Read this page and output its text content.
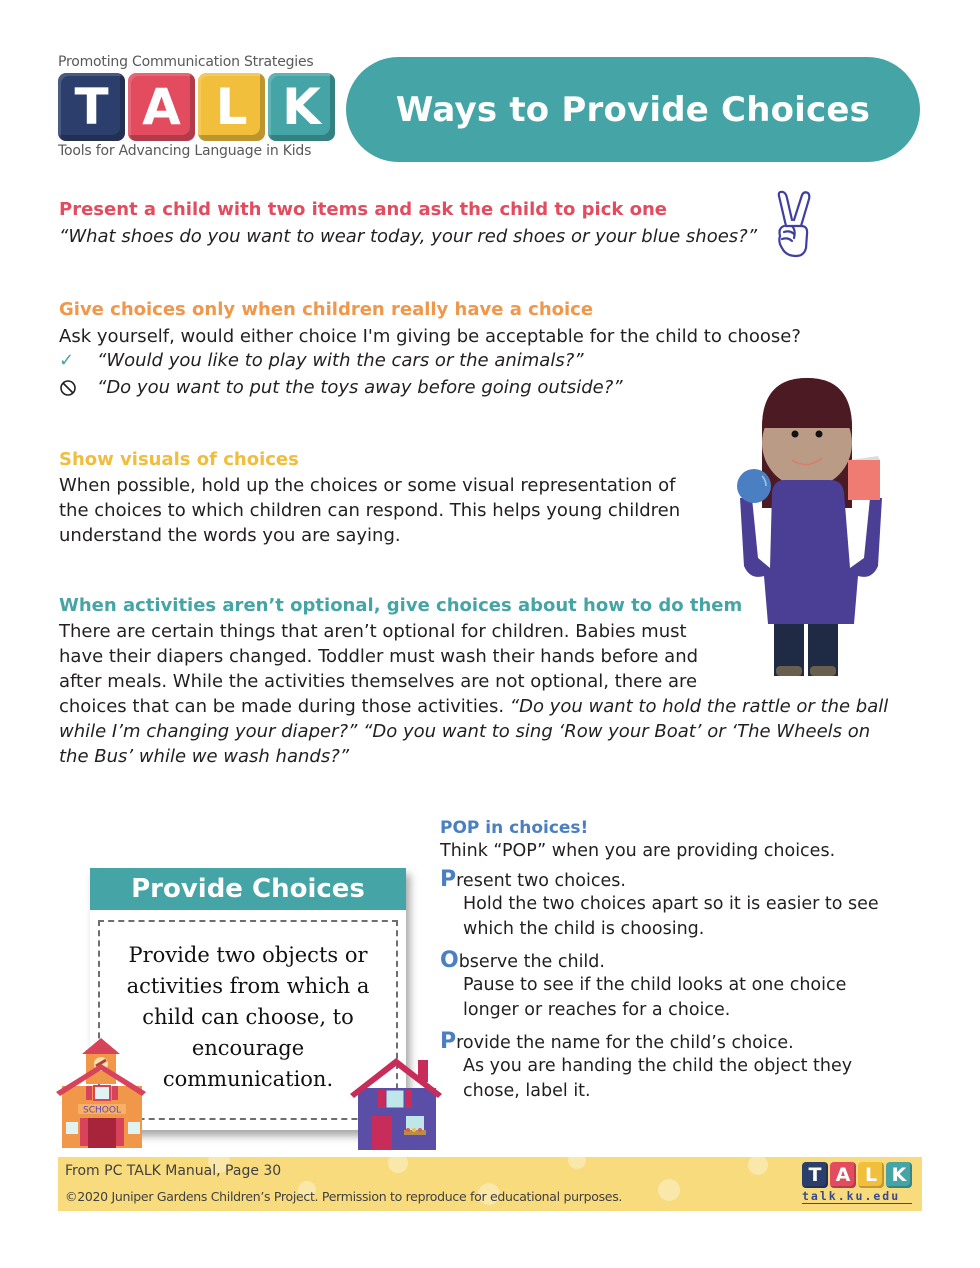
Promoting Communication Strategies
T A L K
Tools for Advancing Language in Kids
Ways to Provide Choices
Present a child with two items and ask the child to pick one
“What shoes do you want to wear today, your red shoes or your blue shoes?”
Give choices only when children really have a choice
Ask yourself, would either choice I'm giving be acceptable for the child to choose?
✓	“Would you like to play with the cars or the animals?”
“Do you want to put the toys away before going outside?”
Show visuals of choices
When possible, hold up the choices or some visual representation of
the choices to which children can respond. This helps young children
understand the words you are saying.
When activities aren’t optional, give choices about how to do them
There are certain things that aren’t optional for children. Babies must
have their diapers changed. Toddler must wash their hands before and
after meals. While the activities themselves are not optional, there are
choices that can be made during those activities. “Do you want to hold the rattle or the ball
while I’m changing your diaper?” “Do you want to sing ‘Row your Boat’ or ‘The Wheels on
the Bus’ while we wash hands?”
Provide Choices

Provide two objects or activities from which a child can choose, to encourage communication.

SCHOOL
POP in choices!
Think “POP” when you are providing choices.
Present two choices.
Hold the two choices apart so it is easier to see
which the child is choosing.
Observe the child.
Pause to see if the child looks at one choice
longer or reaches for a choice.
Provide the name for the child’s choice.
As you are handing the child the object they
chose, label it.
From PC TALK Manual, Page 30
©2020 Juniper Gardens Children’s Project. Permission to reproduce for educational purposes.
T A L K
talk.ku.edu
